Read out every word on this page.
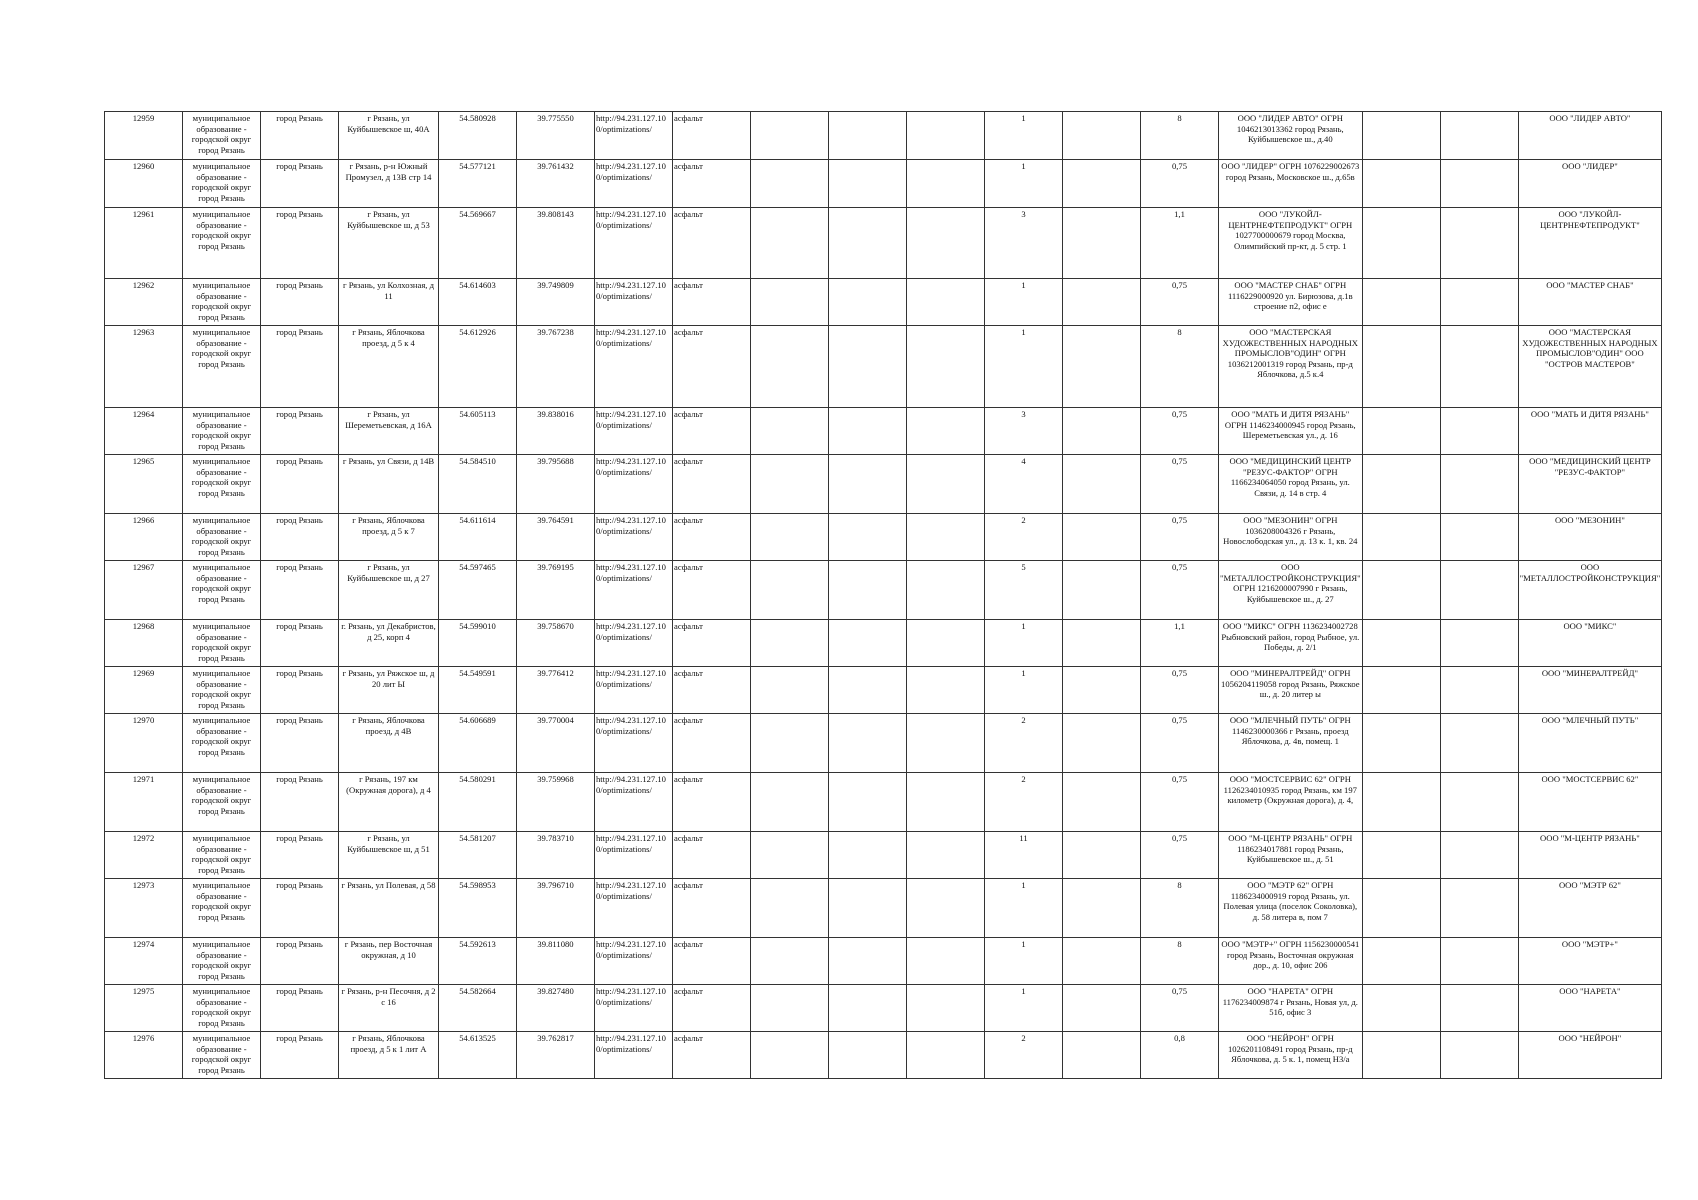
12959	муниципальное образование - городской округ город Рязань	город Рязань	г Рязань, ул Куйбышевское ш, 40А	54.580928	39.775550	http://94.231.127.10 0/optimizations/	асфальт				1		8	ООО "ЛИДЕР АВТО" ОГРН 1046213013362 город Рязань, Куйбышевское ш., д.40			ООО "ЛИДЕР АВТО"
12960	муниципальное образование - городской округ город Рязань	город Рязань	г Рязань, р-н Южный Промузел, д 13В стр 14	54.577121	39.761432	http://94.231.127.10 0/optimizations/	асфальт				1		0,75	ООО "ЛИДЕР" ОГРН 1076229002673 город Рязань, Московское ш., д.65в			ООО "ЛИДЕР"
12961	муниципальное образование - городской округ город Рязань	город Рязань	г Рязань, ул Куйбышевское ш, д 53	54.569667	39.808143	http://94.231.127.10 0/optimizations/	асфальт				3		1,1	ООО "ЛУКОЙЛ-ЦЕНТРНЕФТЕПРОДУКТ" ОГРН 1027700000679 город Москва, Олимпийский пр-кт, д. 5 стр. 1			ООО "ЛУКОЙЛ-ЦЕНТРНЕФТЕПРОДУКТ"
12962	муниципальное образование - городской округ город Рязань	город Рязань	г Рязань, ул Колхозная, д 11	54.614603	39.749809	http://94.231.127.10 0/optimizations/	асфальт				1		0,75	ООО "МАСТЕР СНАБ" ОГРН 1116229000920 ул. Бирюзова, д.1в строение п2, офис е			ООО "МАСТЕР СНАБ"
12963	муниципальное образование - городской округ город Рязань	город Рязань	г Рязань, Яблочкова проезд, д 5 к 4	54.612926	39.767238	http://94.231.127.10 0/optimizations/	асфальт				1		8	ООО "МАСТЕРСКАЯ ХУДОЖЕСТВЕННЫХ НАРОДНЫХ ПРОМЫСЛОВ"ОДИН" ОГРН 1036212001319 город Рязань, пр-д Яблочкова, д.5 к.4			ООО "МАСТЕРСКАЯ ХУДОЖЕСТВЕННЫХ НАРОДНЫХ ПРОМЫСЛОВ"ОДИН" ООО "ОСТРОВ МАСТЕРОВ"
12964	муниципальное образование - городской округ город Рязань	город Рязань	г Рязань, ул Шереметьевская, д 16А	54.605113	39.838016	http://94.231.127.10 0/optimizations/	асфальт				3		0,75	ООО "МАТЬ И ДИТЯ РЯЗАНЬ" ОГРН 1146234000945 город Рязань, Шереметьевская ул., д. 16			ООО "МАТЬ И ДИТЯ РЯЗАНЬ"
12965	муниципальное образование - городской округ город Рязань	город Рязань	г Рязань, ул Связи, д 14В	54.584510	39.795688	http://94.231.127.10 0/optimizations/	асфальт				4		0,75	ООО "МЕДИЦИНСКИЙ ЦЕНТР "РЕЗУС-ФАКТОР" ОГРН 1166234064050 город Рязань, ул. Связи, д. 14 в стр. 4			ООО "МЕДИЦИНСКИЙ ЦЕНТР "РЕЗУС-ФАКТОР"
12966	муниципальное образование - городской округ город Рязань	город Рязань	г Рязань, Яблочкова проезд, д 5 к 7	54.611614	39.764591	http://94.231.127.10 0/optimizations/	асфальт				2		0,75	ООО "МЕЗОНИН" ОГРН 1036208004326 г Рязань, Новослободская ул., д. 13 к. 1, кв. 24			ООО "МЕЗОНИН"
12967	муниципальное образование - городской округ город Рязань	город Рязань	г Рязань, ул Куйбышевское ш, д 27	54.597465	39.769195	http://94.231.127.10 0/optimizations/	асфальт				5		0,75	ООО "МЕТАЛЛОСТРОЙКОНСТРУКЦИЯ" ОГРН 1216200007990 г Рязань, Куйбышевское ш., д. 27			ООО "МЕТАЛЛОСТРОЙКОНСТРУКЦИЯ"
12968	муниципальное образование - городской округ город Рязань	город Рязань	г. Рязань, ул Декабристов, д 25, корп 4	54.599010	39.758670	http://94.231.127.10 0/optimizations/	асфальт				1		1,1	ООО "МИКС" ОГРН 1136234002728 Рыбновский район, город Рыбное, ул. Победы, д. 2/1			ООО "МИКС"
12969	муниципальное образование - городской округ город Рязань	город Рязань	г Рязань, ул Ряжское ш, д 20 лит Ы	54.549591	39.776412	http://94.231.127.10 0/optimizations/	асфальт				1		0,75	ООО "МИНЕРАЛТРЕЙД" ОГРН 1056204119058 город Рязань, Ряжское ш., д. 20 литер ы			ООО "МИНЕРАЛТРЕЙД"
12970	муниципальное образование - городской округ город Рязань	город Рязань	г Рязань, Яблочкова проезд, д 4В	54.606689	39.770004	http://94.231.127.10 0/optimizations/	асфальт				2		0,75	ООО "МЛЕЧНЫЙ ПУТЬ" ОГРН 1146230000366 г Рязань, проезд Яблочкова, д. 4в, помещ. 1			ООО "МЛЕЧНЫЙ ПУТЬ"
12971	муниципальное образование - городской округ город Рязань	город Рязань	г Рязань, 197 км (Окружная дорога), д 4	54.580291	39.759968	http://94.231.127.10 0/optimizations/	асфальт				2		0,75	ООО "МОСТСЕРВИС 62" ОГРН 1126234010935 город Рязань, км 197 километр (Окружная дорога), д. 4,			ООО "МОСТСЕРВИС 62"
12972	муниципальное образование - городской округ город Рязань	город Рязань	г Рязань, ул Куйбышевское ш, д 51	54.581207	39.783710	http://94.231.127.10 0/optimizations/	асфальт				11		0,75	ООО "М-ЦЕНТР РЯЗАНЬ" ОГРН 1186234017881 город Рязань, Куйбышевское ш., д. 51			ООО "М-ЦЕНТР РЯЗАНЬ"
12973	муниципальное образование - городской округ город Рязань	город Рязань	г Рязань, ул Полевая, д 58	54.598953	39.796710	http://94.231.127.10 0/optimizations/	асфальт				1		8	ООО "МЭТР 62" ОГРН 1186234000919 город Рязань, ул. Полевая улица (поселок Соколовка), д. 58 литера в, пом 7			ООО "МЭТР 62"
12974	муниципальное образование - городской округ город Рязань	город Рязань	г Рязань, пер Восточная окружная, д 10	54.592613	39.811080	http://94.231.127.10 0/optimizations/	асфальт				1		8	ООО "МЭТР+" ОГРН 1156230000541 город Рязань, Восточная окружная дор., д. 10, офис 206			ООО "МЭТР+"
12975	муниципальное образование - городской округ город Рязань	город Рязань	г Рязань, р-н Песочня, д 2 с 16	54.582664	39.827480	http://94.231.127.10 0/optimizations/	асфальт				1		0,75	ООО "НАРЕТА" ОГРН 1176234009874 г Рязань, Новая ул, д. 51б, офис 3			ООО "НАРЕТА"
12976	муниципальное образование - городской округ город Рязань	город Рязань	г Рязань, Яблочкова проезд, д 5 к 1 лит А	54.613525	39.762817	http://94.231.127.10 0/optimizations/	асфальт				2		0,8	ООО "НЕЙРОН" ОГРН 1026201108491 город Рязань, пр-д Яблочкова, д. 5 к. 1, помещ Н3/а			ООО "НЕЙРОН"
